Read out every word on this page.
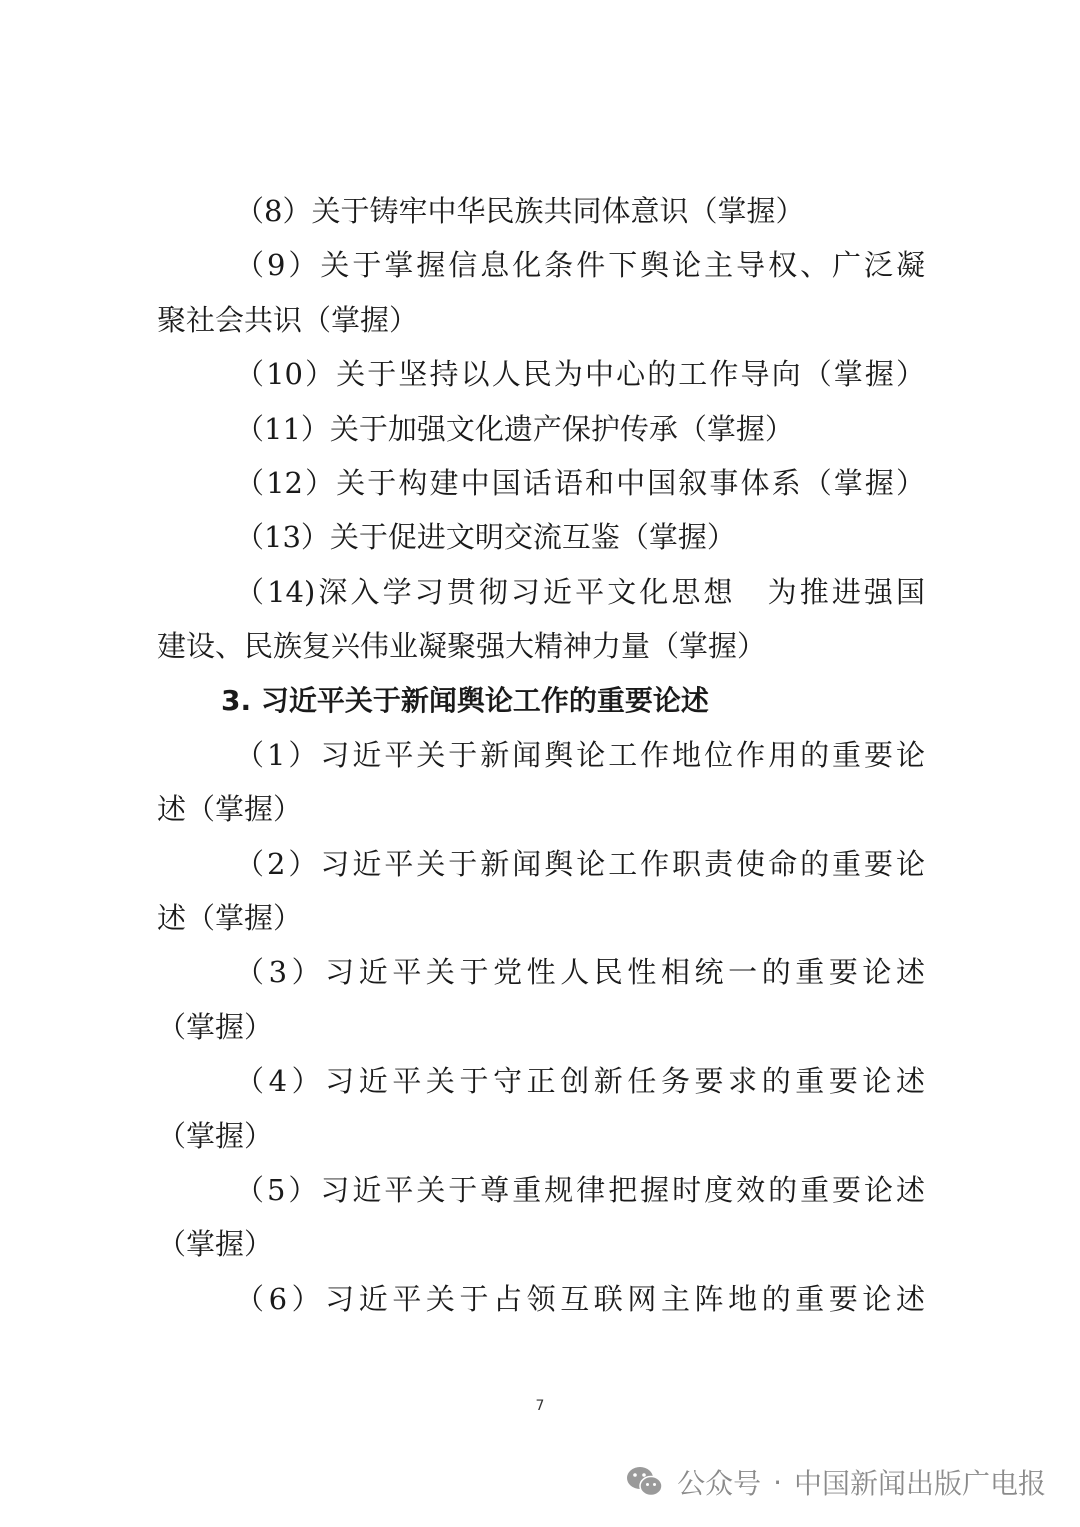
（8）关于铸牢中华民族共同体意识（掌握）
（9）关于掌握信息化条件下舆论主导权、广泛凝
聚社会共识（掌握）
（10）关于坚持以人民为中心的工作导向（掌握）
（11）关于加强文化遗产保护传承（掌握）
（12）关于构建中国话语和中国叙事体系（掌握）
（13）关于促进文明交流互鉴（掌握）
（14)深入学习贯彻习近平文化思想　为推进强国
建设、民族复兴伟业凝聚强大精神力量（掌握）
3. 习近平关于新闻舆论工作的重要论述
（1）习近平关于新闻舆论工作地位作用的重要论
述（掌握）
（2）习近平关于新闻舆论工作职责使命的重要论
述（掌握）
（3）习近平关于党性人民性相统一的重要论述
（掌握）
（4）习近平关于守正创新任务要求的重要论述
（掌握）
（5）习近平关于尊重规律把握时度效的重要论述
（掌握）
（6）习近平关于占领互联网主阵地的重要论述
7
公众号 · 中国新闻出版广电报
